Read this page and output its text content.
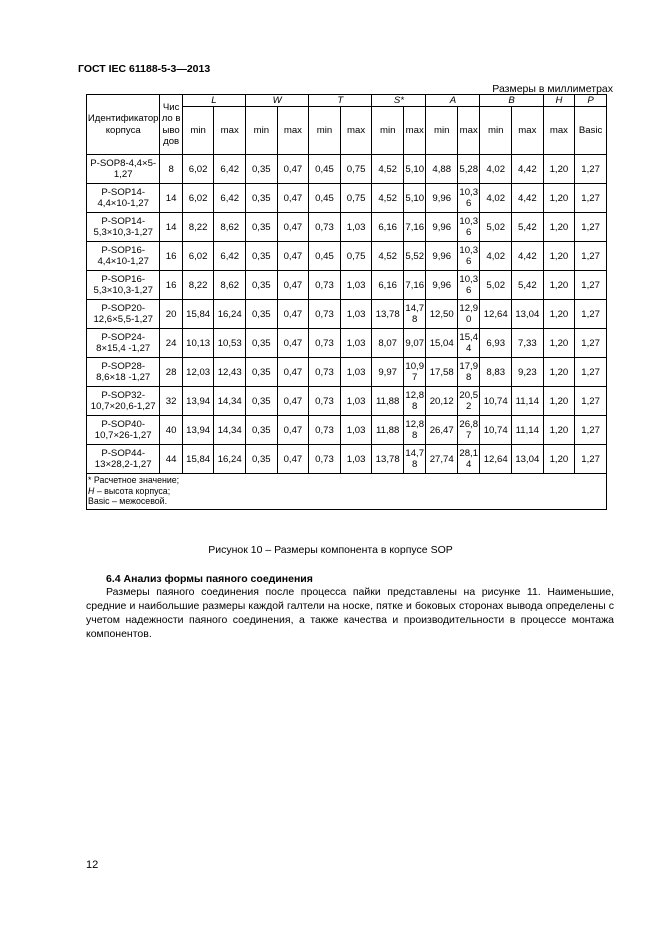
ГОСТ IEC 61188-5-3—2013
Размеры в миллиметрах
Идентификатор корпуса	Число выводов	L		W		T		S*		A		B		H	P
		min	max	min	max	min	max	min	max	min	max	min	max	max	Basic
P-SOP8-4,4×5-1,27	8	6,02	6,42	0,35	0,47	0,45	0,75	4,52	5,10	4,88	5,28	4,02	4,42	1,20	1,27
P-SOP14-4,4×10-1,27	14	6,02	6,42	0,35	0,47	0,45	0,75	4,52	5,10	9,96	10,36	4,02	4,42	1,20	1,27
P-SOP14-5,3×10,3-1,27	14	8,22	8,62	0,35	0,47	0,73	1,03	6,16	7,16	9,96	10,36	5,02	5,42	1,20	1,27
P-SOP16-4,4×10-1,27	16	6,02	6,42	0,35	0,47	0,45	0,75	4,52	5,52	9,96	10,36	4,02	4,42	1,20	1,27
P-SOP16-5,3×10,3-1,27	16	8,22	8,62	0,35	0,47	0,73	1,03	6,16	7,16	9,96	10,36	5,02	5,42	1,20	1,27
P-SOP20-12,6×5,5-1,27	20	15,84	16,24	0,35	0,47	0,73	1,03	13,78	14,78	12,50	12,90	12,64	13,04	1,20	1,27
P-SOP24-8×15,4 -1,27	24	10,13	10,53	0,35	0,47	0,73	1,03	8,07	9,07	15,04	15,44	6,93	7,33	1,20	1,27
P-SOP28-8,6×18 -1,27	28	12,03	12,43	0,35	0,47	0,73	1,03	9,97	10,97	17,58	17,98	8,83	9,23	1,20	1,27
P-SOP32-10,7×20,6-1,27	32	13,94	14,34	0,35	0,47	0,73	1,03	11,88	12,88	20,12	20,52	10,74	11,14	1,20	1,27
P-SOP40-10,7×26-1,27	40	13,94	14,34	0,35	0,47	0,73	1,03	11,88	12,88	26,47	26,87	10,74	11,14	1,20	1,27
P-SOP44-13×28,2-1,27	44	15,84	16,24	0,35	0,47	0,73	1,03	13,78	14,78	27,74	28,14	12,64	13,04	1,20	1,27

* Расчетное значение;
H – высота корпуса;
Basic – межосевой.															
Рисунок 10 – Размеры компонента в корпусе SOP
6.4 Анализ формы паяного соединения

Размеры паяного соединения после процесса пайки представлены на рисунке 11. Наименьшие, средние и наибольшие размеры каждой галтели на носке, пятке и боковых сторонах вывода определены с учетом надежности паяного соединения, а также качества и производительности в процессе монтажа компонентов.

12
